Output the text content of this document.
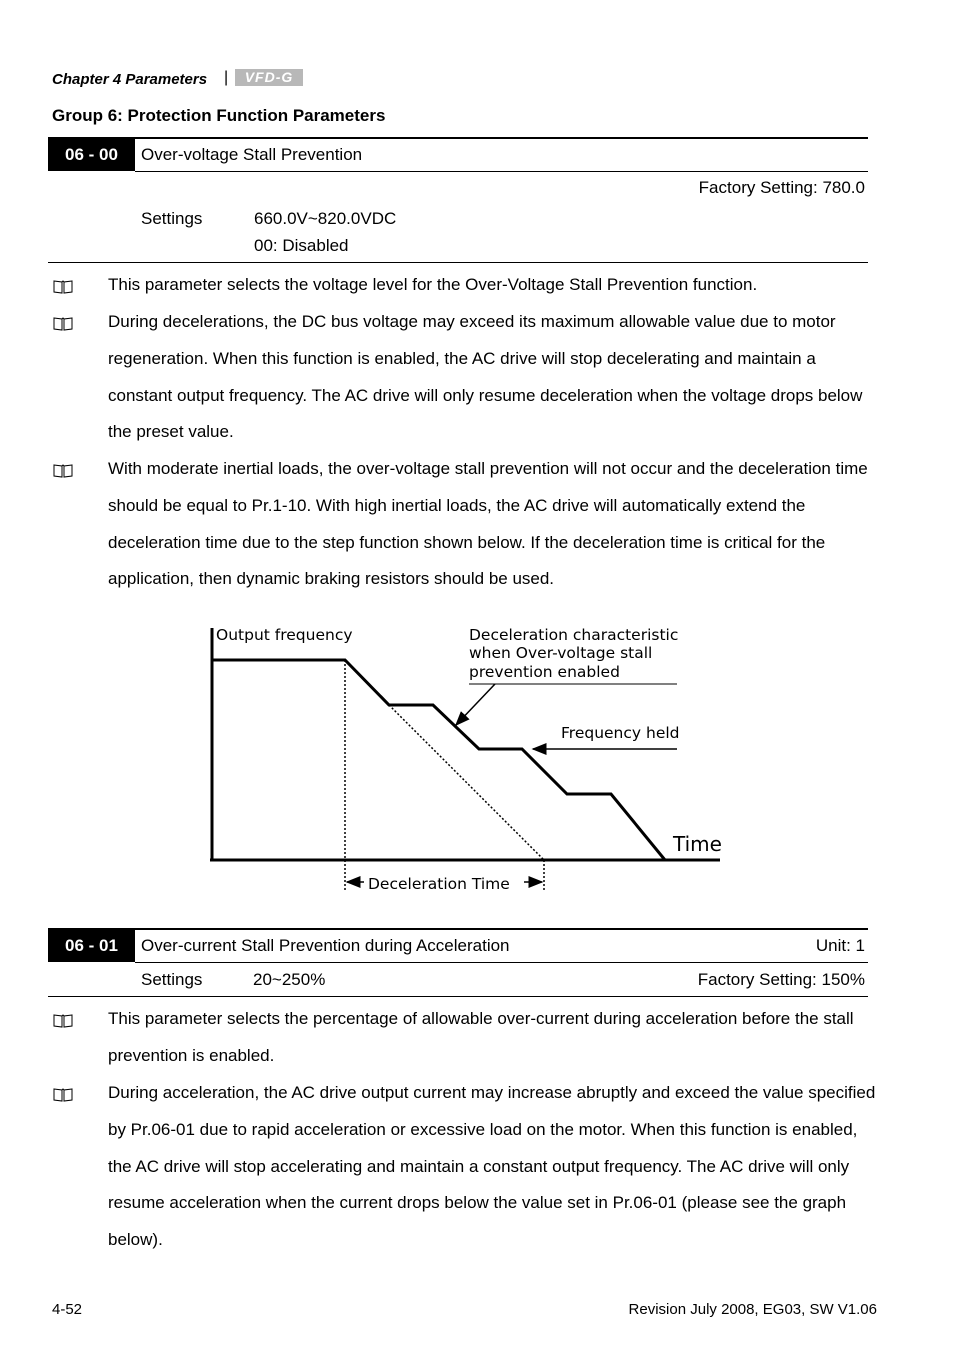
Chapter 4 Parameters |	VFD-G
Group 6: Protection Function Parameters
06 - 00	Over-voltage Stall Prevention
Factory Setting: 780.0
Settings	660.0V~820.0VDC
00: Disabled
This parameter selects the voltage level for the Over-Voltage Stall Prevention function.
During decelerations, the DC bus voltage may exceed its maximum allowable value due to motor regeneration. When this function is enabled, the AC drive will stop decelerating and maintain a constant output frequency. The AC drive will only resume deceleration when the voltage drops below the preset value.
With moderate inertial loads, the over-voltage stall prevention will not occur and the deceleration time should be equal to Pr.1-10. With high inertial loads, the AC drive will automatically extend the deceleration time due to the step function shown below. If the deceleration time is critical for the application, then dynamic braking resistors should be used.
Output frequency	Deceleration characteristic
when Over-voltage stall
prevention enabled
Frequency held
Time
Deceleration Time
06 - 01	Over-current Stall Prevention during Acceleration	Unit: 1
Settings	20~250%	Factory Setting: 150%
This parameter selects the percentage of allowable over-current during acceleration before the stall prevention is enabled.
During acceleration, the AC drive output current may increase abruptly and exceed the value specified by Pr.06-01 due to rapid acceleration or excessive load on the motor. When this function is enabled, the AC drive will stop accelerating and maintain a constant output frequency. The AC drive will only resume acceleration when the current drops below the value set in Pr.06-01 (please see the graph below).
4-52	Revision July 2008, EG03, SW V1.06
